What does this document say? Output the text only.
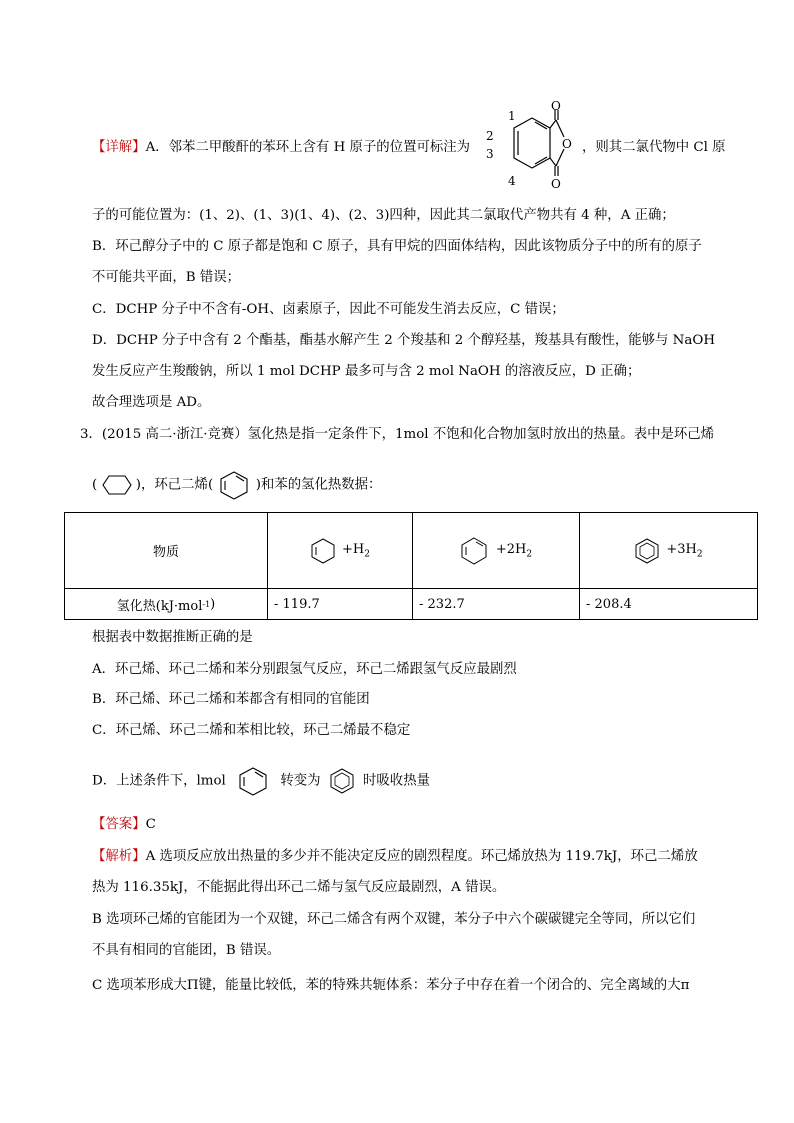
【详解】A．邻苯二甲酸酐的苯环上含有 H 原子的位置可标注为
1
2
3
4
O
O
O
，则其二氯代物中 Cl 原
子的可能位置为：(1、2)、(1、3)(1、4)、(2、3)四种，因此其二氯取代产物共有 4 种，A 正确；
B．环己醇分子中的 C 原子都是饱和 C 原子，具有甲烷的四面体结构，因此该物质分子中的所有的原子
不可能共平面，B 错误；
C．DCHP 分子中不含有-OH、卤素原子，因此不可能发生消去反应，C 错误；
D．DCHP 分子中含有 2 个酯基，酯基水解产生 2 个羧基和 2 个醇羟基，羧基具有酸性，能够与 NaOH
发生反应产生羧酸钠，所以 1 mol DCHP 最多可与含 2 mol NaOH 的溶液反应，D 正确；
故合理选项是 AD。
3．(2015 高二·浙江·竞赛）氢化热是指一定条件下，1mol 不饱和化合物加氢时放出的热量。表中是环己烯
(	)，环己二烯(	)和苯的氢化热数据：
物质	$+H_2$	$+2H_2$	$+3H_2$

氢化热(kJ·mol -1 )	- 119.7	- 232.7	- 208.4
根据表中数据推断正确的是
A．环己烯、环己二烯和苯分别跟氢气反应，环己二烯跟氢气反应最剧烈
B．环己烯、环己二烯和苯都含有相同的官能团
C．环己烯、环己二烯和苯相比较，环己二烯最不稳定
D．上述条件下，lmol	转变为	时吸收热量
【答案】C
【解析】A 选项反应放出热量的多少并不能决定反应的剧烈程度。环己烯放热为 119.7kJ，环己二烯放
热为 116.35kJ，不能据此得出环己二烯与氢气反应最剧烈，A 错误。
B 选项环己烯的官能团为一个双键，环己二烯含有两个双键，苯分子中六个碳碳键完全等同，所以它们
不具有相同的官能团，B 错误。
C 选项苯形成大Π键，能量比较低，苯的特殊共轭体系：苯分子中存在着一个闭合的、完全离域的大π
